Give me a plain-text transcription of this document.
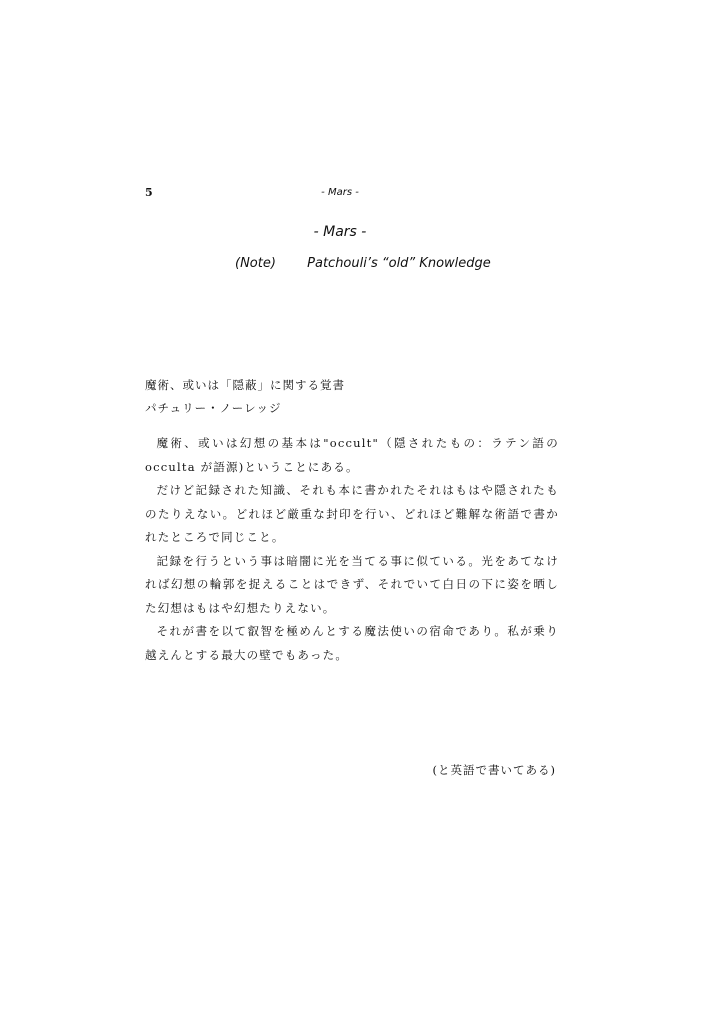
5	- Mars -
- Mars -
(Note) Patchouli’s “old” Knowledge
魔術、或いは「隠蔽」に関する覚書
パチュリー・ノーレッジ

魔術、或いは幻想の基本は"occult"（隠されたもの：ラテン語の occulta が語源)ということにある。

だけど記録された知識、それも本に書かれたそれはもはや隠されたものたりえない。どれほど厳重な封印を行い、どれほど難解な術語で書かれたところで同じこと。

記録を行うという事は暗闇に光を当てる事に似ている。光をあてなければ幻想の輪郭を捉えることはできず、それでいて白日の下に姿を晒した幻想はもはや幻想たりえない。

それが書を以て叡智を極めんとする魔法使いの宿命であり。私が乗り越えんとする最大の壁でもあった。

(と英語で書いてある)
